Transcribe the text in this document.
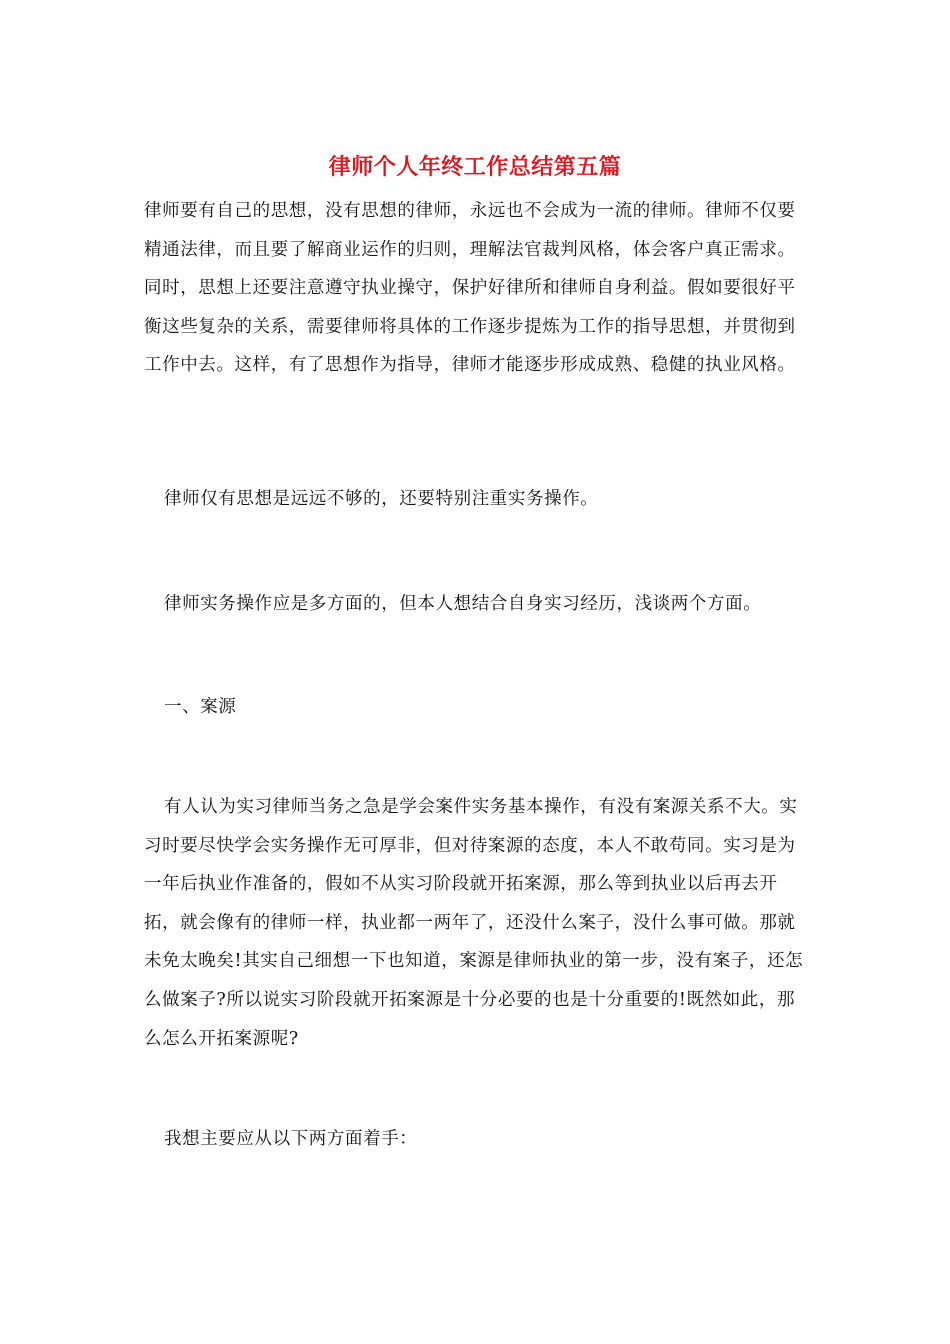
律师个人年终工作总结第五篇

律师要有自己的思想，没有思想的律师，永远也不会成为一流的律师。律师不仅要精通法律，而且要了解商业运作的归则，理解法官裁判风格，体会客户真正需求。同时，思想上还要注意遵守执业操守，保护好律所和律师自身利益。假如要很好平衡这些复杂的关系，需要律师将具体的工作逐步提炼为工作的指导思想，并贯彻到工作中去。这样，有了思想作为指导，律师才能逐步形成成熟、稳健的执业风格。

律师仅有思想是远远不够的，还要特别注重实务操作。

律师实务操作应是多方面的，但本人想结合自身实习经历，浅谈两个方面。

一、案源

有人认为实习律师当务之急是学会案件实务基本操作，有没有案源关系不大。实习时要尽快学会实务操作无可厚非，但对待案源的态度，本人不敢苟同。实习是为一年后执业作准备的，假如不从实习阶段就开拓案源，那么等到执业以后再去开拓，就会像有的律师一样，执业都一两年了，还没什么案子，没什么事可做。那就未免太晚矣!其实自己细想一下也知道，案源是律师执业的第一步，没有案子，还怎么做案子?所以说实习阶段就开拓案源是十分必要的也是十分重要的!既然如此，那么怎么开拓案源呢?

我想主要应从以下两方面着手：
